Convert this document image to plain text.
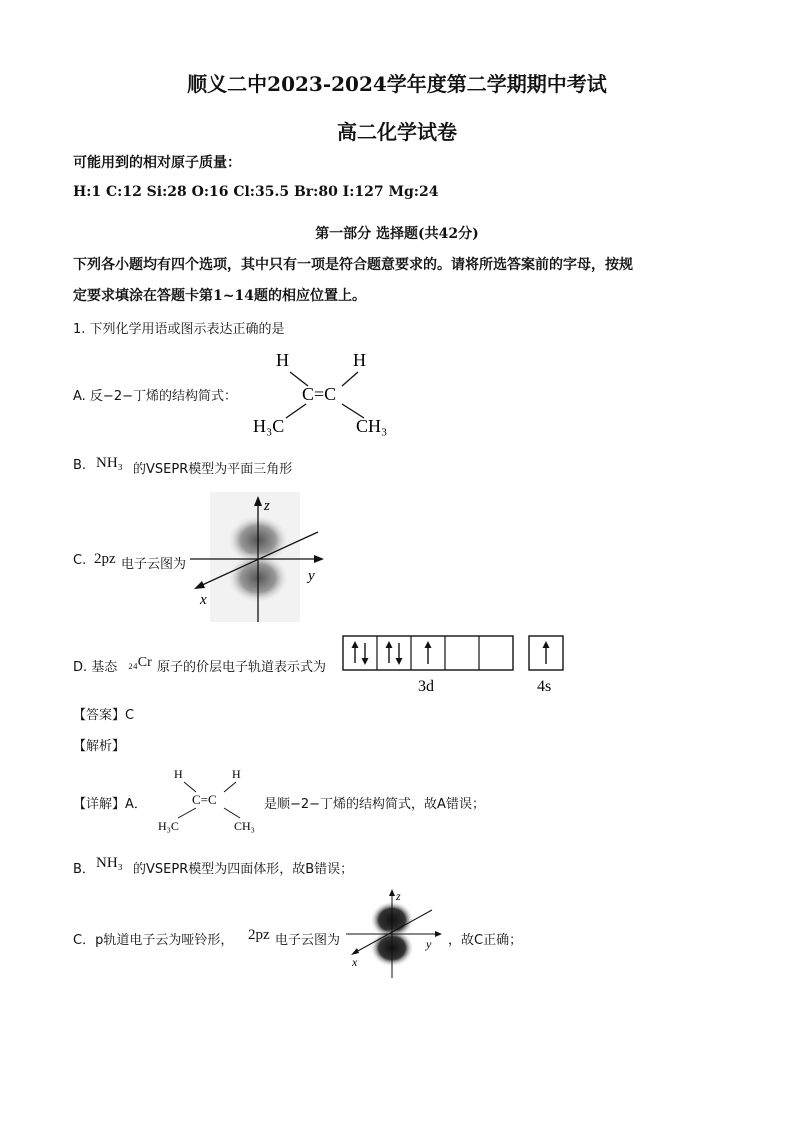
顺义二中2023-2024学年度第二学期期中考试
高二化学试卷
可能用到的相对原子质量：
H:1 C:12 Si:28 O:16 Cl:35.5 Br:80 I:127 Mg:24
第一部分 选择题(共42分)
下列各小题均有四个选项，其中只有一项是符合题意要求的。请将所选答案前的字母，按规
定要求填涂在答题卡第1~14题的相应位置上。
1. 下列化学用语或图示表达正确的是
A. 反−2−丁烯的结构简式：
H	H
C=C
H₃C	CH₃
B. NH₃ 的VSEPR模型为平面三角形
C. 2pz 电子云图为
z
y
x
D. 基态 ₂₄Cr 原子的价层电子轨道表示式为
3d	4s
【答案】C
【解析】
【详解】A．
H	H
C=C
H₃C	CH₃
是顺−2−丁烯的结构简式，故A错误；
B． NH₃ 的VSEPR模型为四面体形，故B错误；
C．p轨道电子云为哑铃形， 2pz 电子云图为
z
y
x
，故C正确；
